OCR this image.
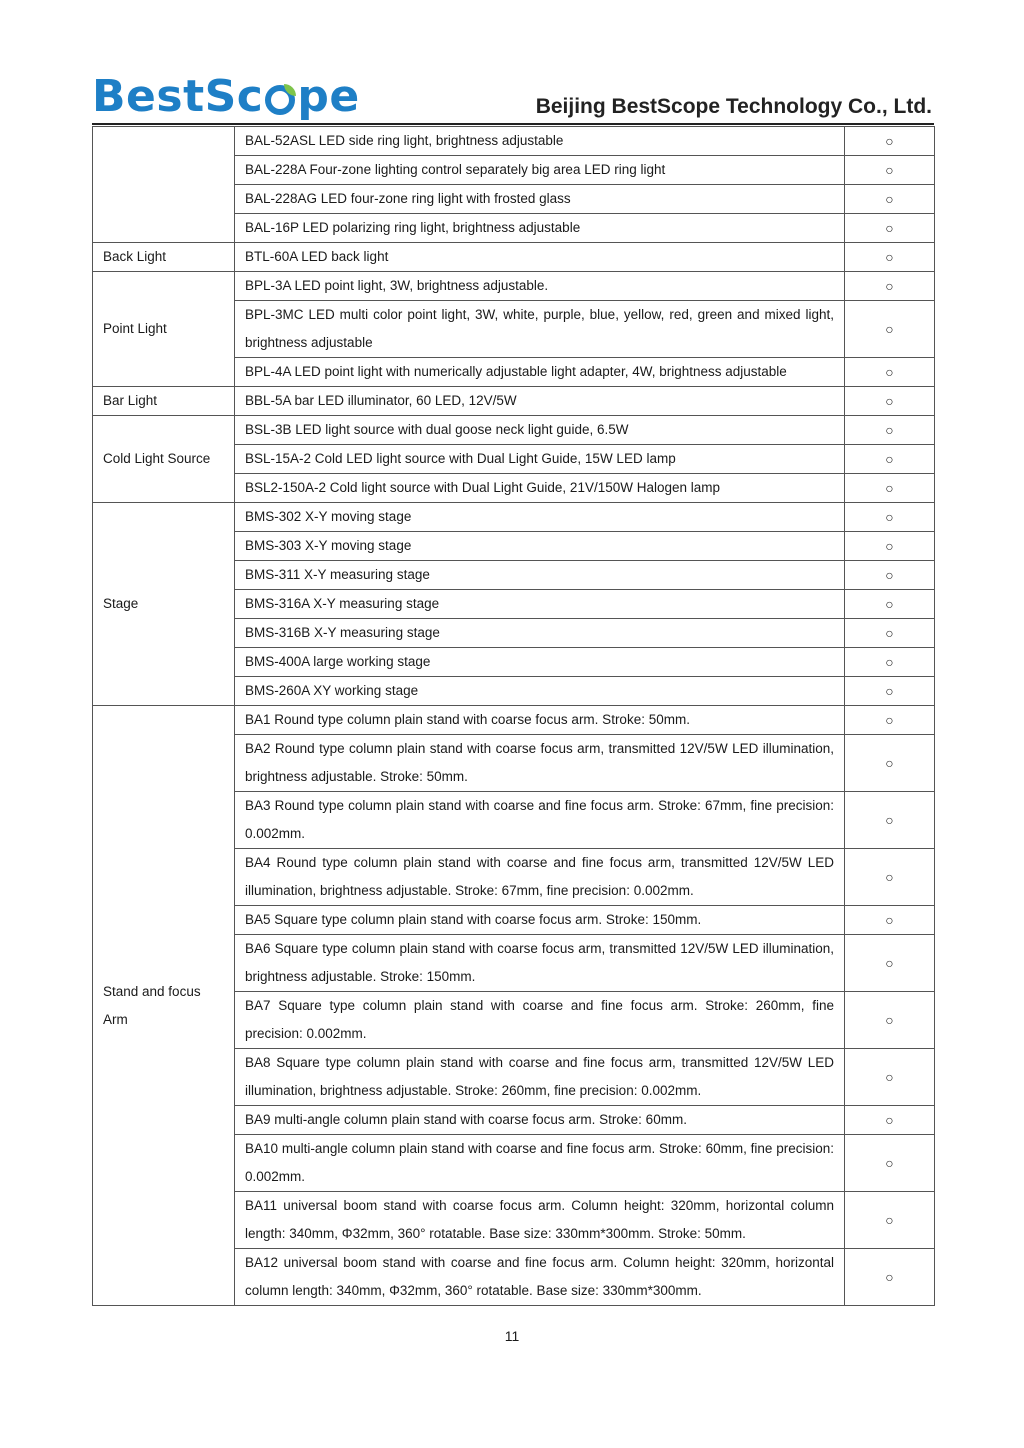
BestSc pe	Beijing BestScope Technology Co., Ltd.
	BAL-52ASL LED side ring light, brightness adjustable	○
	BAL-228A Four-zone lighting control separately big area LED ring light	○
	BAL-228AG LED four-zone ring light with frosted glass	○
	BAL-16P LED polarizing ring light, brightness adjustable	○
Back Light	BTL-60A LED back light	○
Point Light	BPL-3A LED point light, 3W, brightness adjustable.	○
	BPL-3MC LED multi color point light, 3W, white, purple, blue, yellow, red, green and mixed light, brightness adjustable	○
	BPL-4A LED point light with numerically adjustable light adapter, 4W, brightness adjustable	○
Bar Light	BBL-5A bar LED illuminator, 60 LED, 12V/5W	○
Cold Light Source	BSL-3B LED light source with dual goose neck light guide, 6.5W	○
	BSL-15A-2 Cold LED light source with Dual Light Guide, 15W LED lamp	○
	BSL2-150A-2 Cold light source with Dual Light Guide, 21V/150W Halogen lamp	○
Stage	BMS-302 X-Y moving stage	○
	BMS-303 X-Y moving stage	○
	BMS-311 X-Y measuring stage	○
	BMS-316A X-Y measuring stage	○
	BMS-316B X-Y measuring stage	○
	BMS-400A large working stage	○
	BMS-260A XY working stage	○
Stand and focus Arm	BA1 Round type column plain stand with coarse focus arm. Stroke: 50mm.	○
	BA2 Round type column plain stand with coarse focus arm, transmitted 12V/5W LED illumination, brightness adjustable. Stroke: 50mm.	○
	BA3 Round type column plain stand with coarse and fine focus arm. Stroke: 67mm, fine precision: 0.002mm.	○
	BA4 Round type column plain stand with coarse and fine focus arm, transmitted 12V/5W LED illumination, brightness adjustable. Stroke: 67mm, fine precision: 0.002mm.	○
	BA5 Square type column plain stand with coarse focus arm. Stroke: 150mm.	○
	BA6 Square type column plain stand with coarse focus arm, transmitted 12V/5W LED illumination, brightness adjustable. Stroke: 150mm.	○
	BA7 Square type column plain stand with coarse and fine focus arm. Stroke: 260mm, fine precision: 0.002mm.	○
	BA8 Square type column plain stand with coarse and fine focus arm, transmitted 12V/5W LED illumination, brightness adjustable. Stroke: 260mm, fine precision: 0.002mm.	○
	BA9 multi-angle column plain stand with coarse focus arm. Stroke: 60mm.	○
	BA10 multi-angle column plain stand with coarse and fine focus arm. Stroke: 60mm, fine precision: 0.002mm.	○
	BA11 universal boom stand with coarse focus arm. Column height: 320mm, horizontal column length: 340mm, Φ32mm, 360° rotatable. Base size: 330mm*300mm. Stroke: 50mm.	○
	BA12 universal boom stand with coarse and fine focus arm. Column height: 320mm, horizontal column length: 340mm, Φ32mm, 360° rotatable. Base size: 330mm*300mm.	○
11
